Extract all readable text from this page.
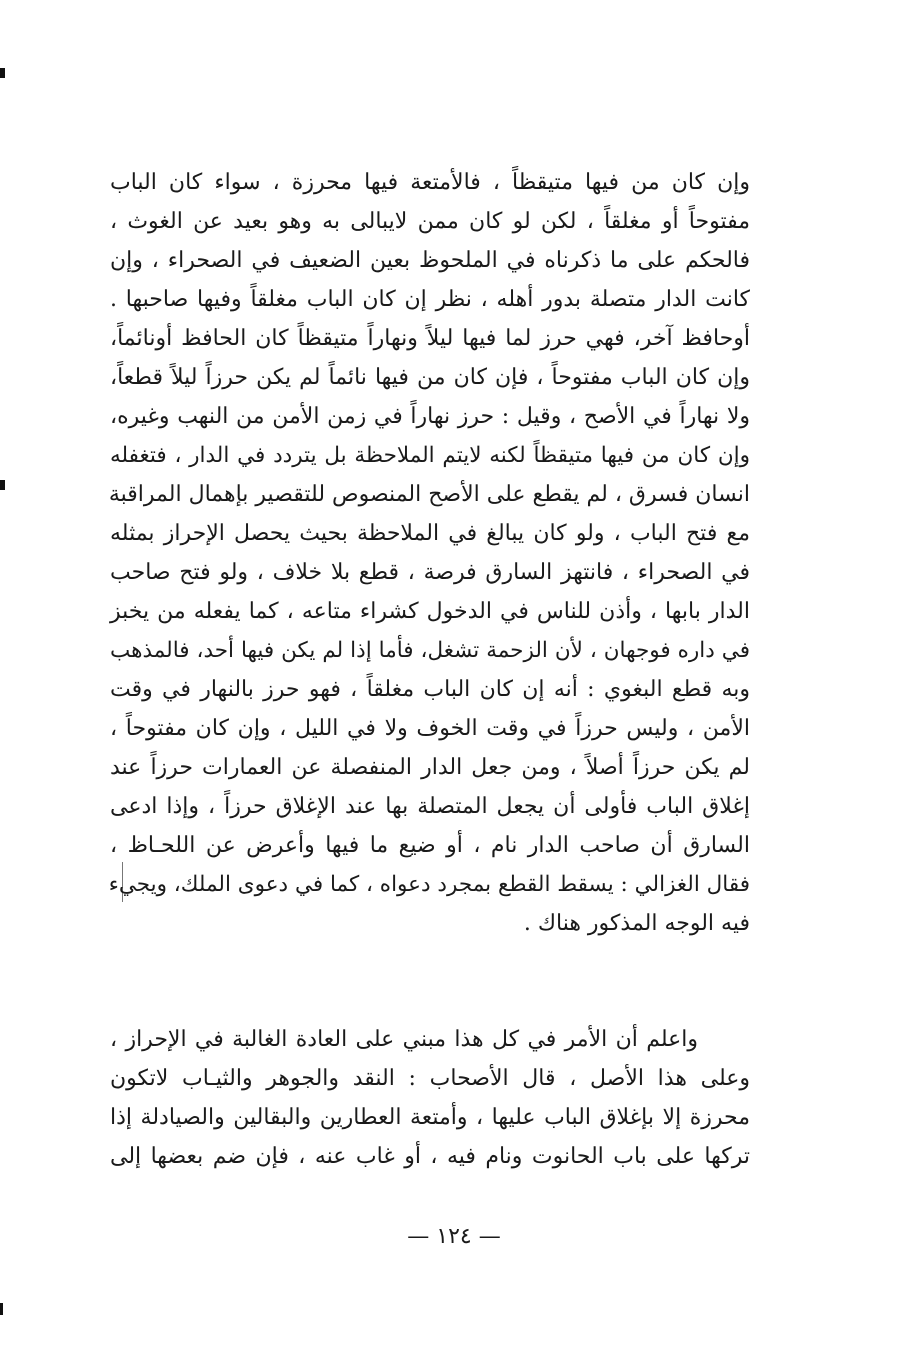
وإن كان من فيها متيقظاً ، فالأمتعة فيها محرزة ، سواء كان الباب
مفتوحاً أو مغلقاً ، لكن لو كان ممن لايبالى به وهو بعيد عن الغوث ،
فالحكم على ما ذكرناه في الملحوظ بعين الضعيف في الصحراء ، وإن
كانت الدار متصلة بدور أهله ، نظر إن كان الباب مغلقاً وفيها صاحبها .
أوحافظ آخر، فهي حرز لما فيها ليلاً ونهاراً متيقظاً كان الحافظ أونائماً،
وإن كان الباب مفتوحاً ، فإن كان من فيها نائماً لم يكن حرزاً ليلاً قطعاً،
ولا نهاراً في الأصح ، وقيل : حرز نهاراً في زمن الأمن من النهب وغيره،
وإن كان من فيها متيقظاً لكنه لايتم الملاحظة بل يتردد في الدار ، فتغفله
انسان فسرق ، لم يقطع على الأصح المنصوص للتقصير بإهمال المراقبة
مع فتح الباب ، ولو كان يبالغ في الملاحظة بحيث يحصل الإحراز بمثله
في الصحراء ، فانتهز السارق فرصة ، قطع بلا خلاف ، ولو فتح صاحب
الدار بابها ، وأذن للناس في الدخول كشراء متاعه ، كما يفعله من يخبز
في داره فوجهان ، لأن الزحمة تشغل، فأما إذا لم يكن فيها أحد، فالمذهب
وبه قطع البغوي : أنه إن كان الباب مغلقاً ، فهو حرز بالنهار في وقت
الأمن ، وليس حرزاً في وقت الخوف ولا في الليل ، وإن كان مفتوحاً ،
لم يكن حرزاً أصلاً ، ومن جعل الدار المنفصلة عن العمارات حرزاً عند
إغلاق الباب فأولى أن يجعل المتصلة بها عند الإغلاق حرزاً ، وإذا ادعى
السارق أن صاحب الدار نام ، أو ضيع ما فيها وأعرض عن اللحـاظ ،
فقال الغزالي : يسقط القطع بمجرد دعواه ، كما في دعوى الملك، ويجيء
فيه الوجه المذكور هناك .
واعلم أن الأمر في كل هذا مبني على العادة الغالبة في الإحراز ،
وعلى هذا الأصل ، قال الأصحاب : النقد والجوهر والثيـاب لاتكون
محرزة إلا بإغلاق الباب عليها ، وأمتعة العطارين والبقالين والصيادلة إذا
تركها على باب الحانوت ونام فيه ، أو غاب عنه ، فإن ضم بعضها إلى
— ١٢٤ —
